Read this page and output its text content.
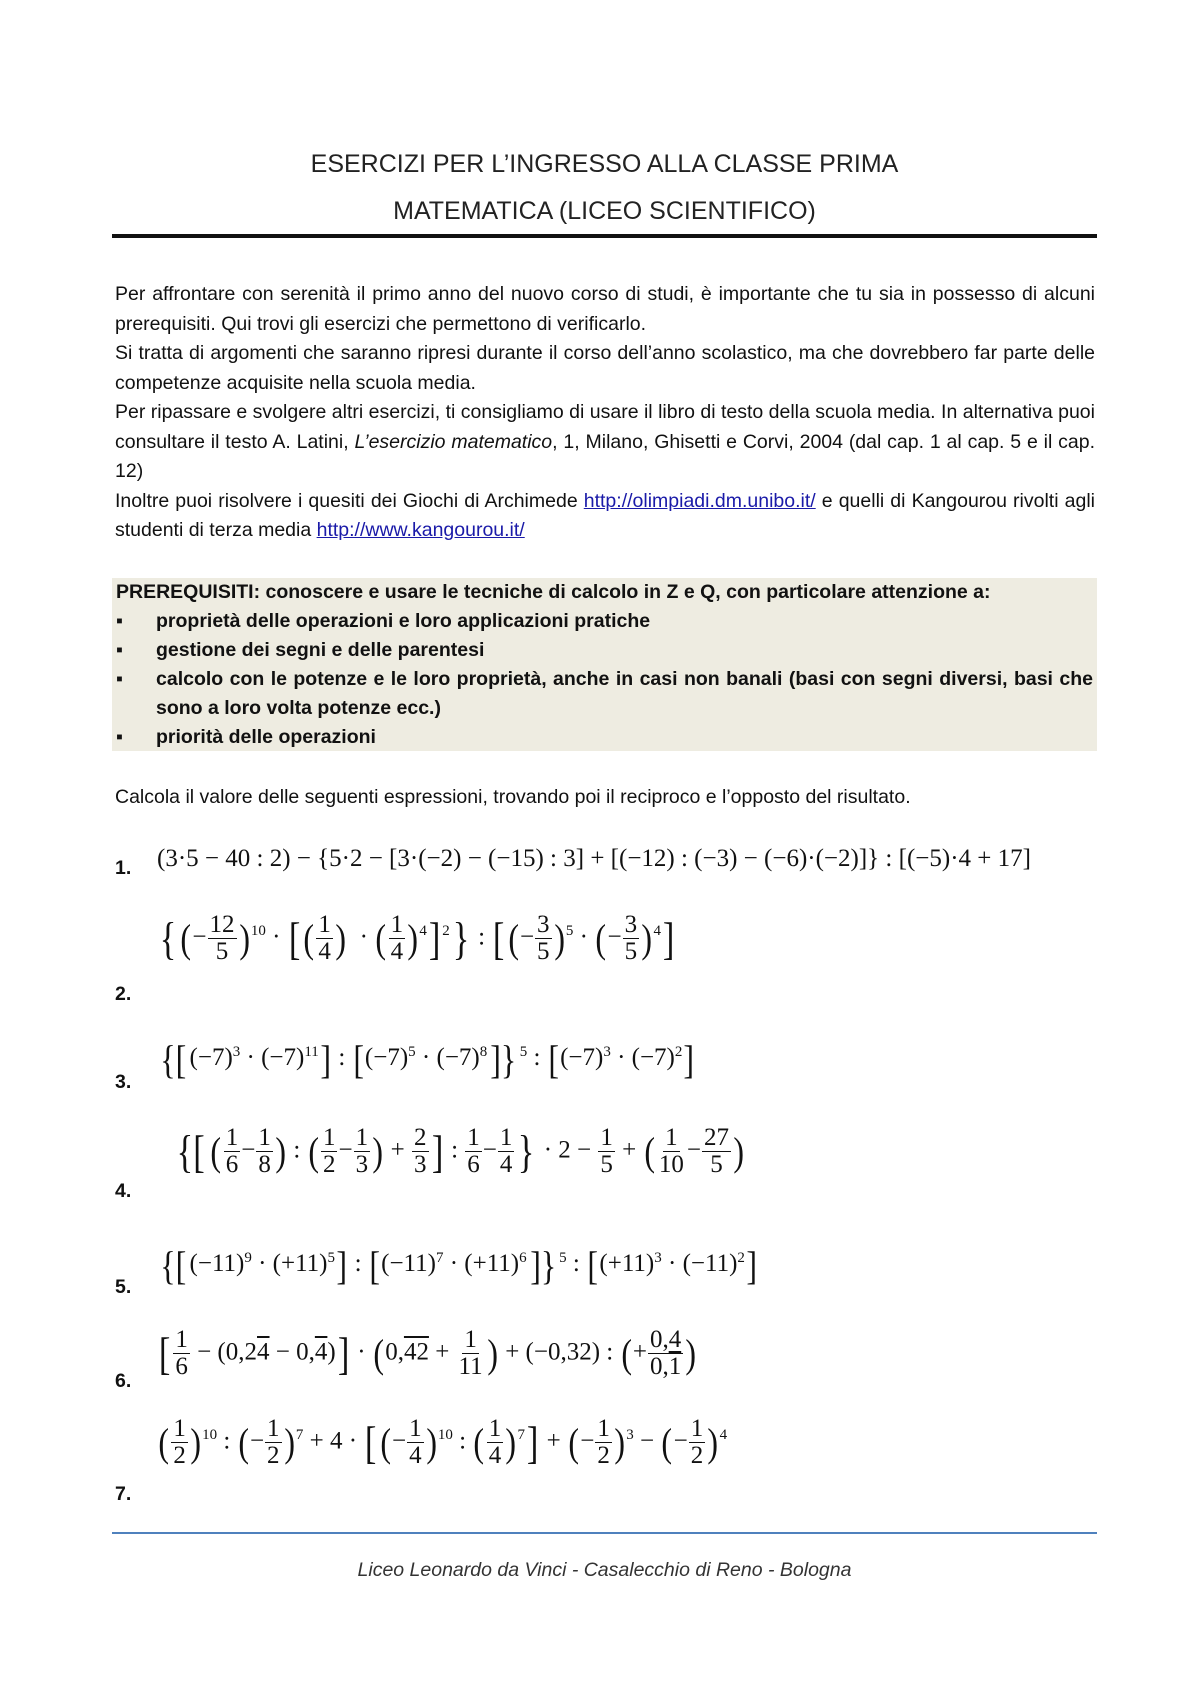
ESERCIZI PER L’INGRESSO ALLA CLASSE PRIMA
MATEMATICA (LICEO SCIENTIFICO)

Per affrontare con serenità il primo anno del nuovo corso di studi, è importante che tu sia in possesso di alcuni prerequisiti. Qui trovi gli esercizi che permettono di verificarlo.

Si tratta di argomenti che saranno ripresi durante il corso dell’anno scolastico, ma che dovrebbero far parte delle competenze acquisite nella scuola media.

Per ripassare e svolgere altri esercizi, ti consigliamo di usare il libro di testo della scuola media. In alternativa puoi consultare il testo A. Latini, L’esercizio matematico, 1, Milano, Ghisetti e Corvi, 2004 (dal cap. 1 al cap. 5 e il cap. 12)

Inoltre puoi risolvere i quesiti dei Giochi di Archimede http://olimpiadi.dm.unibo.it/ e quelli di Kangourou rivolti agli studenti di terza media http://www.kangourou.it/

PREREQUISITI: conoscere e usare le tecniche di calcolo in Z e Q, con particolare attenzione a:
▪ proprietà delle operazioni e loro applicazioni pratiche
▪ gestione dei segni e delle parentesi
▪ calcolo con le potenze e le loro proprietà, anche in casi non banali (basi con segni diversi, basi che sono a loro volta potenze ecc.)
▪ priorità delle operazioni
Calcola il valore delle seguenti espressioni, trovando poi il reciproco e l’opposto del risultato.
1. (3·5 − 40 : 2) − {5·2 − [3·(−2) − (−15) : 3] + [(−12) : (−3) − (−6)·(−2)]} : [(−5)·4 + 17]
2.
{ (− $\frac{12}{5} )^{10}$ · [( $\frac{1}{4}$ )  · ( $\frac{1}{4} )^4$] $^2$} : [(− $\frac{3}{5} )^5$ · (− $\frac{3}{5} )^4$]
3. {[ $(-7)^3 \cdot (-7)^{11}$] : $[(-7)^5 \cdot (-7)^8]$} $^5$ : $[(-7)^3 \cdot (-7)^2]$
4.
{[ ( $\frac{1}{6} - \frac{1}{8}$ ) : ( $\frac{1}{2} - \frac{1}{3}$ ) + $\frac{2}{3}$ ] : $\frac{1}{6} - \frac{1}{4}$ } · $2 - \frac{1}{5}$ + ( $\frac{1}{10} - \frac{27}{5}$ )
5. {[ $(-11)^9 \cdot (+11)^5$] : $[(-11)^7 \cdot (+11)^6]$} $^5$ : $[(+11)^3 \cdot (-11)^2]$
6.
[ $\frac{1}{6} - (0,24 - 0,4)] \cdot (0,42 + \frac{1}{11}$ ) + (−0,32) : (+ $\frac{0,4}{0,1}$ )
7.
( $\frac{1}{2} )^{10}$ : (− $\frac{1}{2} )^7 + 4$ · [(− $\frac{1}{4} )^{10}$ : ( $\frac{1}{4} )^7$] + (− $\frac{1}{2} )^3$ − (− $\frac{1}{2} )^4$
Liceo Leonardo da Vinci - Casalecchio di Reno - Bologna
